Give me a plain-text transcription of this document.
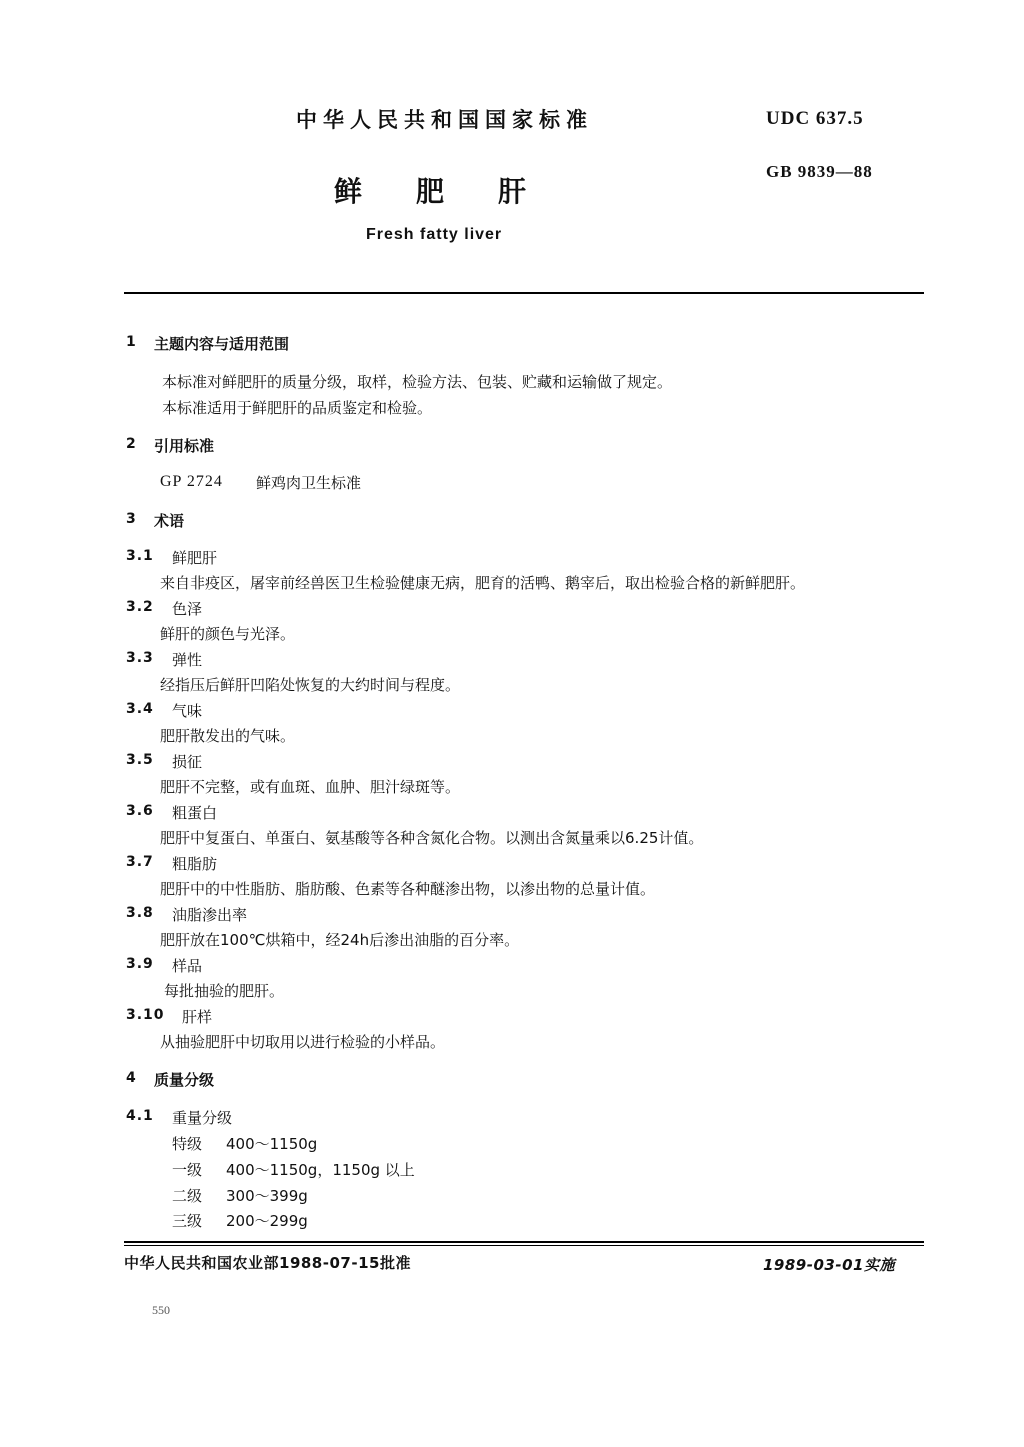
中华人民共和国国家标准	UDC 637.5
GB 9839—88
鲜肥肝
Fresh fatty liver
1 主题内容与适用范围
本标准对鲜肥肝的质量分级，取样，检验方法、包装、贮藏和运输做了规定。
本标准适用于鲜肥肝的品质鉴定和检验。
2 引用标准
GP 2724 鲜鸡肉卫生标准
3 术语
3.1 鲜肥肝
来自非疫区，屠宰前经兽医卫生检验健康无病，肥育的活鸭、鹅宰后，取出检验合格的新鲜肥肝。
3.2 色泽
鲜肝的颜色与光泽。
3.3 弹性
经指压后鲜肝凹陷处恢复的大约时间与程度。
3.4 气味
肥肝散发出的气味。
3.5 损征
肥肝不完整，或有血斑、血肿、胆汁绿斑等。
3.6 粗蛋白
肥肝中复蛋白、单蛋白、氨基酸等各种含氮化合物。以测出含氮量乘以6.25计值。
3.7 粗脂肪
肥肝中的中性脂肪、脂肪酸、色素等各种醚渗出物，以渗出物的总量计值。
3.8 油脂渗出率
肥肝放在100℃烘箱中，经24h后渗出油脂的百分率。
3.9 样品
每批抽验的肥肝。
3.10 肝样
从抽验肥肝中切取用以进行检验的小样品。
4 质量分级
4.1 重量分级
特级 400～1150g
一级 400～1150g，1150g 以上
二级 300～399g
三级 200～299g
中华人民共和国农业部1988-07-15批准	1989-03-01实施
550
